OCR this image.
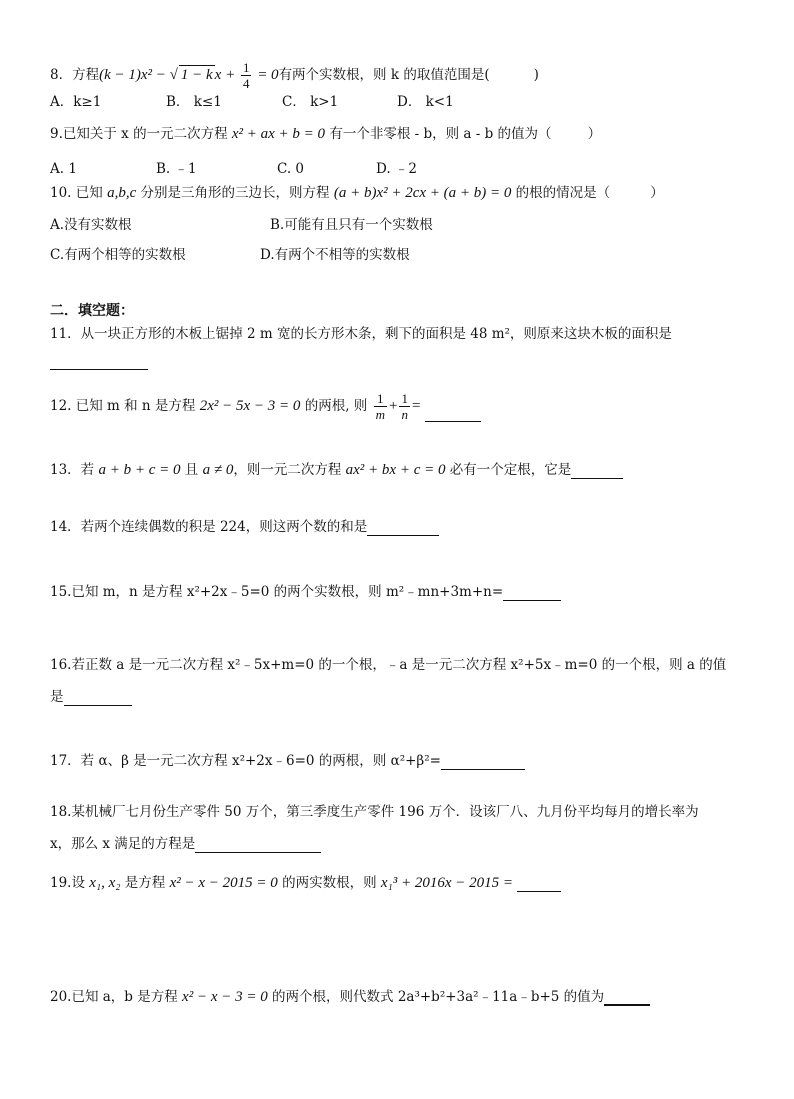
8．方程(k − 1)x² − √ 1 − k $x + \frac{1}{4} = 0$有两个实数根，则 k 的取值范围是(	)
A．k≥1	B． k≤1	C． k>1	D． k<1
9.已知关于 x 的一元二次方程 x² + ax + b = 0 有一个非零根 - b，则 a - b 的值为（	）
A. 1	B. ﹣1	C. 0	D. ﹣2
10. 已知 a,b,c 分别是三角形的三边长，则方程 (a + b)x² + 2cx + (a + b) = 0 的根的情况是（	）
A.没有实数根	B.可能有且只有一个实数根
C.有两个相等的实数根	D.有两个不相等的实数根
二．填空题：
11．从一块正方形的木板上锯掉 2 m 宽的长方形木条，剩下的面积是 48 m²，则原来这块木板的面积是
12. 已知 m 和 n 是方程 2x² − 5x − 3 = 0 的两根, 则 $\frac{1}{m} + \frac{1}{n}$ =
13．若 a + b + c = 0 且 a ≠ 0，则一元二次方程 ax² + bx + c = 0 必有一个定根，它是
14．若两个连续偶数的积是 224，则这两个数的和是
15.已知 m，n 是方程 x²+2x﹣5=0 的两个实数根，则 m²﹣mn+3m+n=
16.若正数 a 是一元二次方程 x²﹣5x+m=0 的一个根，﹣a 是一元二次方程 x²+5x﹣m=0 的一个根，则 a 的值
是
17．若 α、β 是一元二次方程 x²+2x﹣6=0 的两根，则 α²+β²=
18.某机械厂七月份生产零件 50 万个，第三季度生产零件 196 万个．设该厂八、九月份平均每月的增长率为
x，那么 x 满足的方程是
19.设 x₁, x₂ 是方程 x² − x − 2015 = 0 的两实数根，则 x₁³ + 2016x − 2015 =
20.已知 a，b 是方程 x² − x − 3 = 0 的两个根，则代数式 2a³+b²+3a²﹣11a﹣b+5 的值为
